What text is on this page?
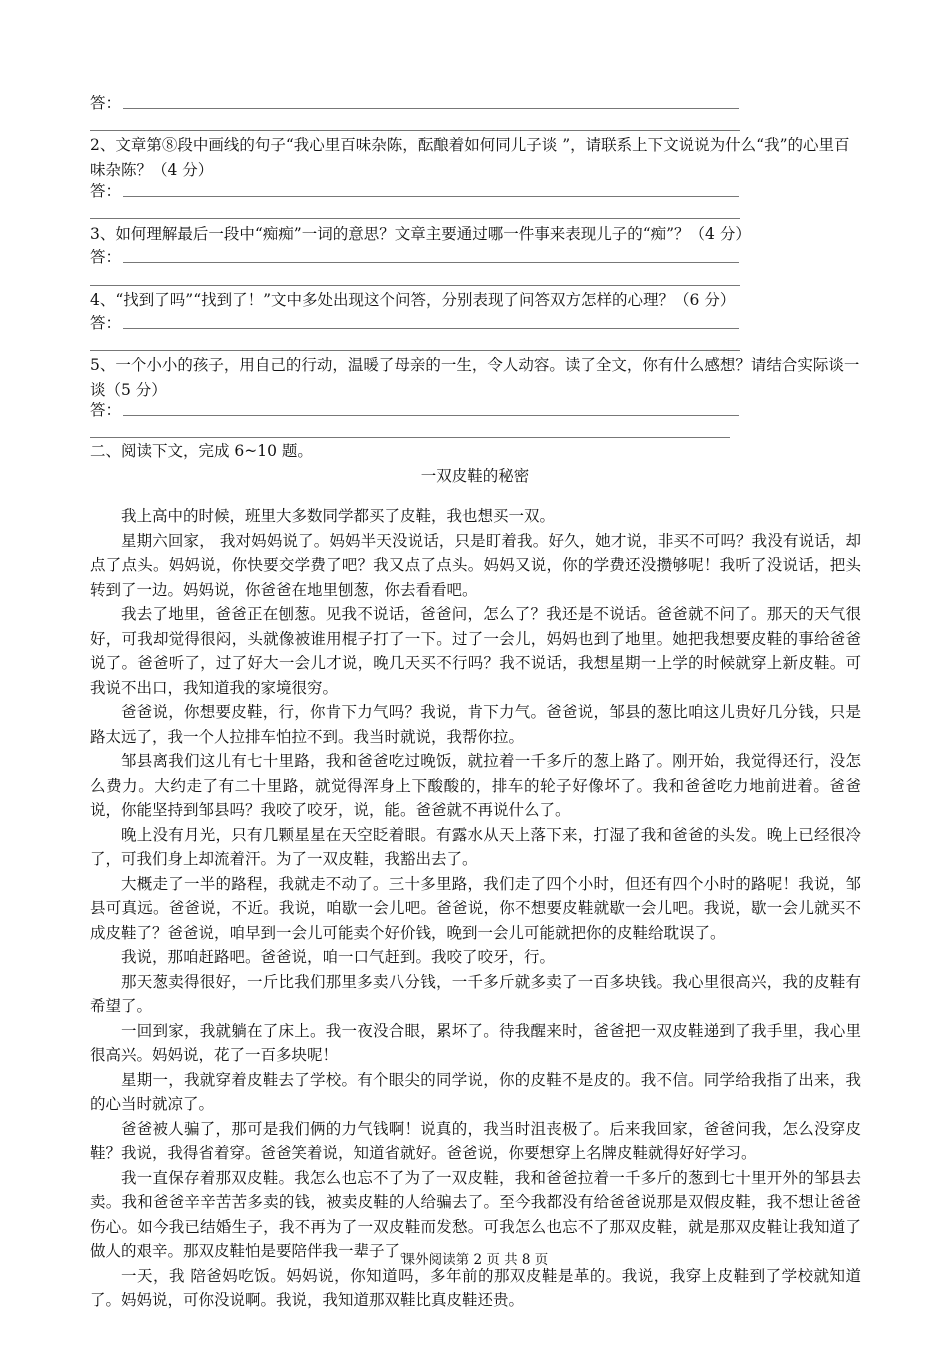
答：
2、文章第⑧段中画线的句子“我心里百味杂陈，酝酿着如何同儿子谈 ”，请联系上下文说说为什么“我”的心里百味杂陈？（4 分）
答：
3、如何理解最后一段中“痴痴”一词的意思？文章主要通过哪一件事来表现儿子的“痴”？（4 分）
答：
4、“找到了吗”“找到了！”文中多处出现这个问答，分别表现了问答双方怎样的心理？（6 分）
答：
5、一个小小的孩子，用自己的行动，温暖了母亲的一生，令人动容。读了全文，你有什么感想？请结合实际谈一谈（5 分）
答：
二、阅读下文，完成 6~10 题。
一双皮鞋的秘密

我上高中的时候，班里大多数同学都买了皮鞋，我也想买一双。

星期六回家， 我对妈妈说了。妈妈半天没说话，只是盯着我。好久，她才说，非买不可吗？我没有说话，却点了点头。妈妈说，你快要交学费了吧？我又点了点头。妈妈又说，你的学费还没攒够呢！我听了没说话，把头转到了一边。妈妈说，你爸爸在地里刨葱，你去看看吧。

我去了地里，爸爸正在刨葱。见我不说话，爸爸问，怎么了？我还是不说话。爸爸就不问了。那天的天气很好，可我却觉得很闷，头就像被谁用棍子打了一下。过了一会儿，妈妈也到了地里。她把我想要皮鞋的事给爸爸说了。爸爸听了，过了好大一会儿才说，晚几天买不行吗？我不说话，我想星期一上学的时候就穿上新皮鞋。可我说不出口，我知道我的家境很穷。

爸爸说，你想要皮鞋，行，你肯下力气吗？我说，肯下力气。爸爸说，邹县的葱比咱这儿贵好几分钱，只是路太远了，我一个人拉排车怕拉不到。我当时就说，我帮你拉。

邹县离我们这儿有七十里路，我和爸爸吃过晚饭，就拉着一千多斤的葱上路了。刚开始，我觉得还行，没怎么费力。大约走了有二十里路，就觉得浑身上下酸酸的，排车的轮子好像坏了。我和爸爸吃力地前进着。爸爸说，你能坚持到邹县吗？我咬了咬牙，说，能。爸爸就不再说什么了。

晚上没有月光，只有几颗星星在天空眨着眼。有露水从天上落下来，打湿了我和爸爸的头发。晚上已经很冷了，可我们身上却流着汗。为了一双皮鞋，我豁出去了。

大概走了一半的路程，我就走不动了。三十多里路，我们走了四个小时，但还有四个小时的路呢！我说，邹县可真远。爸爸说，不近。我说，咱歇一会儿吧。爸爸说，你不想要皮鞋就歇一会儿吧。我说，歇一会儿就买不成皮鞋了？爸爸说，咱早到一会儿可能卖个好价钱，晚到一会儿可能就把你的皮鞋给耽误了。

我说，那咱赶路吧。爸爸说，咱一口气赶到。我咬了咬牙，行。

那天葱卖得很好，一斤比我们那里多卖八分钱，一千多斤就多卖了一百多块钱。我心里很高兴，我的皮鞋有希望了。

一回到家，我就躺在了床上。我一夜没合眼，累坏了。待我醒来时，爸爸把一双皮鞋递到了我手里，我心里很高兴。妈妈说，花了一百多块呢！

星期一，我就穿着皮鞋去了学校。有个眼尖的同学说，你的皮鞋不是皮的。我不信。同学给我指了出来，我的心当时就凉了。

爸爸被人骗了，那可是我们俩的力气钱啊！说真的，我当时沮丧极了。后来我回家，爸爸问我，怎么没穿皮鞋？我说，我得省着穿。爸爸笑着说，知道省就好。爸爸说，你要想穿上名牌皮鞋就得好好学习。

我一直保存着那双皮鞋。我怎么也忘不了为了一双皮鞋，我和爸爸拉着一千多斤的葱到七十里开外的邹县去卖。我和爸爸辛辛苦苦多卖的钱，被卖皮鞋的人给骗去了。至今我都没有给爸爸说那是双假皮鞋，我不想让爸爸伤心。如今我已结婚生子，我不再为了一双皮鞋而发愁。可我怎么也忘不了那双皮鞋，就是那双皮鞋让我知道了做人的艰辛。那双皮鞋怕是要陪伴我一辈子了。

一天，我 陪爸妈吃饭。妈妈说，你知道吗，多年前的那双皮鞋是革的。我说，我穿上皮鞋到了学校就知道了。妈妈说，可你没说啊。我说，我知道那双鞋比真皮鞋还贵。

课外阅读第 2 页 共 8 页
